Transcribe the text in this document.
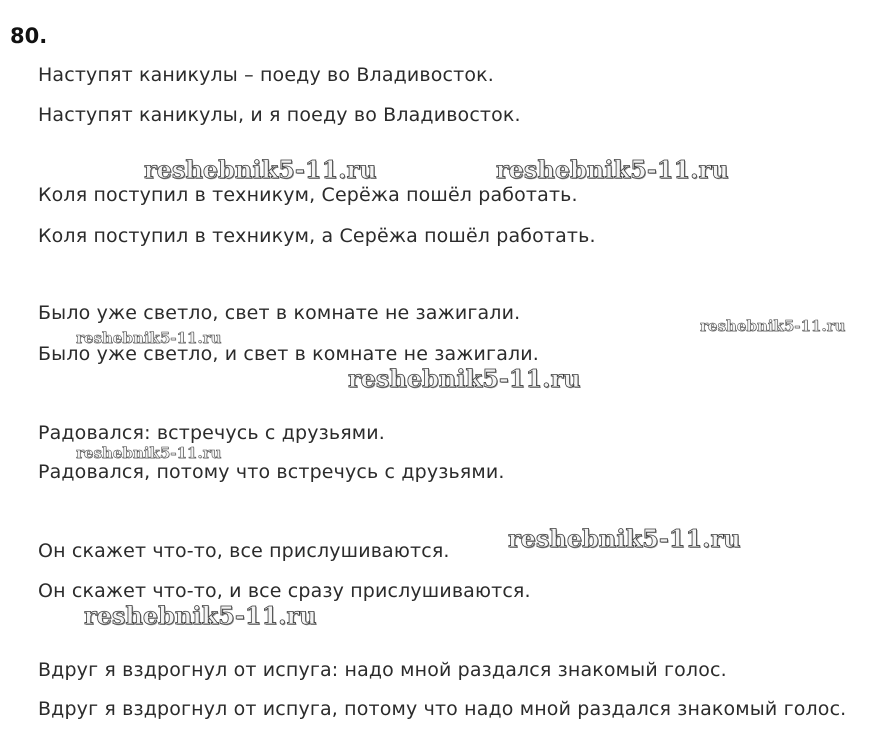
80.
Наступят каникулы – поеду во Владивосток.
Наступят каникулы, и я поеду во Владивосток.
Коля поступил в техникум, Серёжа пошёл работать.
Коля поступил в техникум, а Серёжа пошёл работать.
Было уже светло, свет в комнате не зажигали.
Было уже светло, и свет в комнате не зажигали.
Радовался: встречусь с друзьями.
Радовался, потому что встречусь с друзьями.
Он скажет что-то, все прислушиваются.
Он скажет что-то, и все сразу прислушиваются.
Вдруг я вздрогнул от испуга: надо мной раздался знакомый голос.
Вдруг я вздрогнул от испуга, потому что надо мной раздался знакомый голос.
reshebnik5-11.ru	reshebnik5-11.ru
reshebnik5-11.ru
reshebnik5-11.ru
reshebnik5-11.ru
reshebnik5-11.ru
reshebnik5-11.ru
reshebnik5-11.ru
